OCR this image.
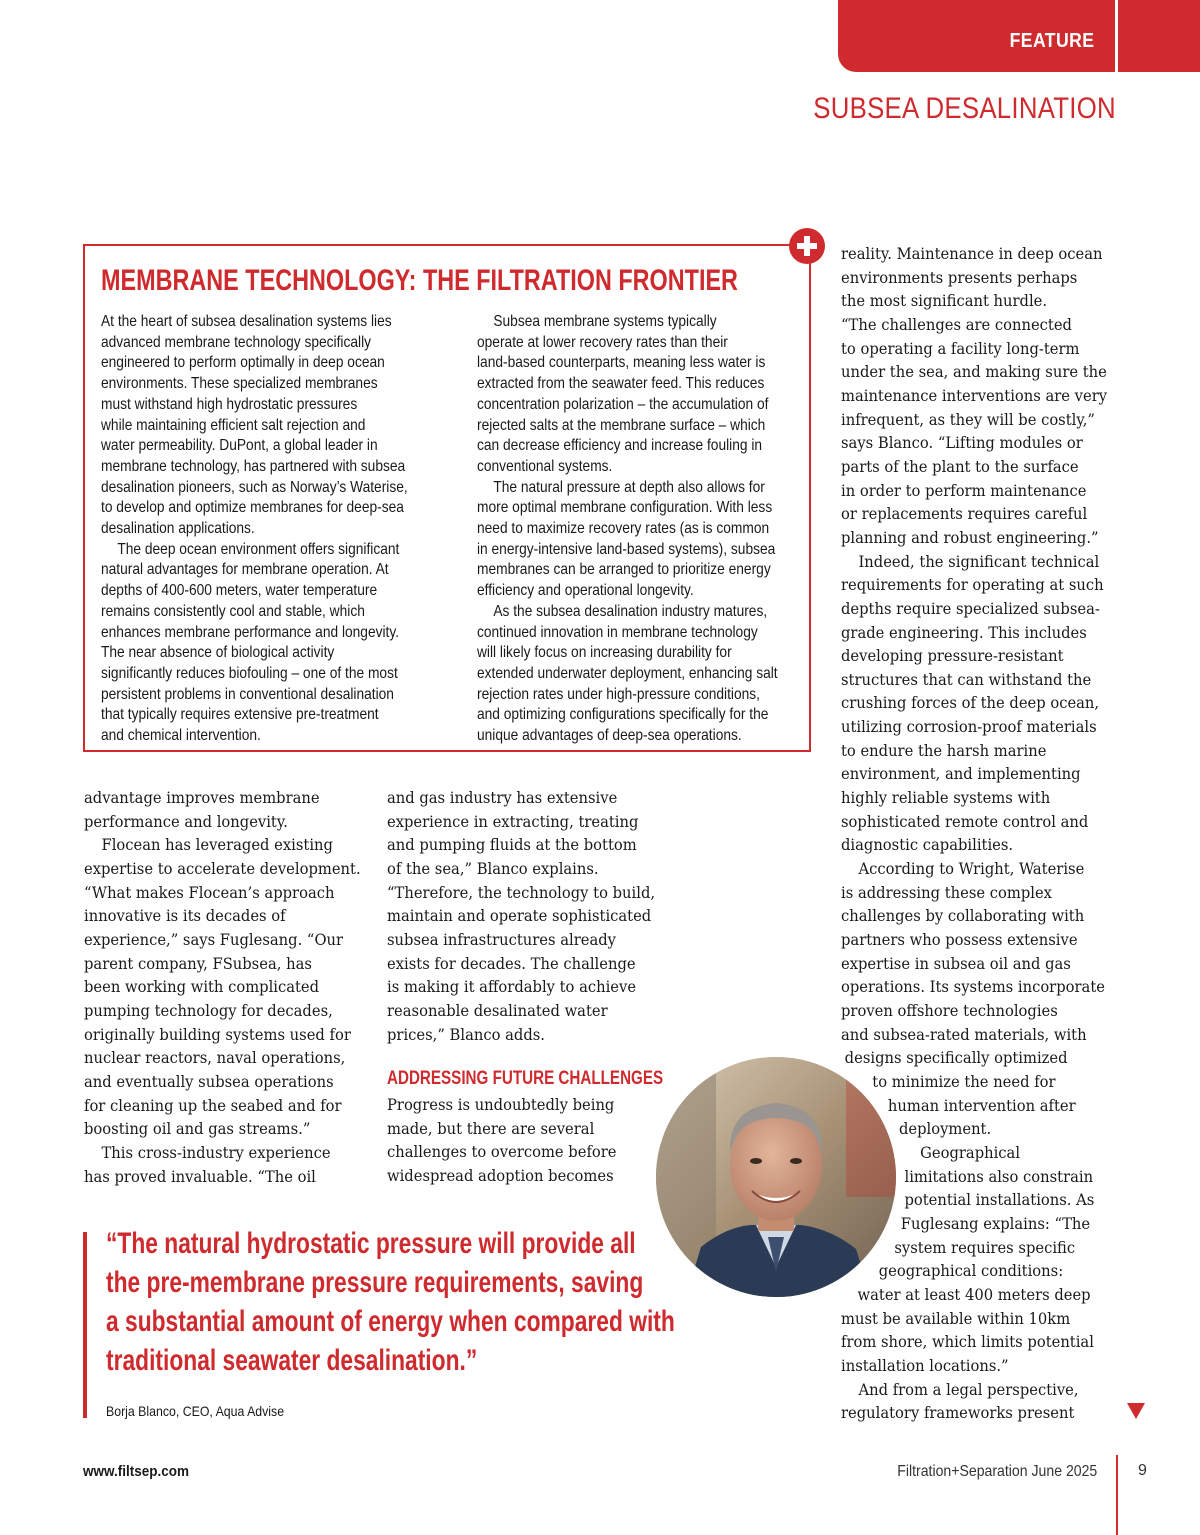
FEATURE
SUBSEA DESALINATION
MEMBRANE TECHNOLOGY: THE FILTRATION FRONTIER

At the heart of subsea desalination systems lies

advanced membrane technology specifically

engineered to perform optimally in deep ocean

environments. These specialized membranes

must withstand high hydrostatic pressures

while maintaining efficient salt rejection and

water permeability. DuPont, a global leader in

membrane technology, has partnered with subsea

desalination pioneers, such as Norway’s Waterise,

to develop and optimize membranes for deep-sea

desalination applications.

The deep ocean environment offers significant

natural advantages for membrane operation. At

depths of 400-600 meters, water temperature

remains consistently cool and stable, which

enhances membrane performance and longevity.

The near absence of biological activity

significantly reduces biofouling – one of the most

persistent problems in conventional desalination

that typically requires extensive pre-treatment

and chemical intervention.

Subsea membrane systems typically

operate at lower recovery rates than their

land-based counterparts, meaning less water is

extracted from the seawater feed. This reduces

concentration polarization – the accumulation of

rejected salts at the membrane surface – which

can decrease efficiency and increase fouling in

conventional systems.

The natural pressure at depth also allows for

more optimal membrane configuration. With less

need to maximize recovery rates (as is common

in energy-intensive land-based systems), subsea

membranes can be arranged to prioritize energy

efficiency and operational longevity.

As the subsea desalination industry matures,

continued innovation in membrane technology

will likely focus on increasing durability for

extended underwater deployment, enhancing salt

rejection rates under high-pressure conditions,

and optimizing configurations specifically for the

unique advantages of deep-sea operations.

advantage improves membrane
performance and longevity.
Flocean has leveraged existing
expertise to accelerate development.
“What makes Flocean’s approach
innovative is its decades of
experience,” says Fuglesang. “Our
parent company, FSubsea, has
been working with complicated
pumping technology for decades,
originally building systems used for
nuclear reactors, naval operations,
and eventually subsea operations
for cleaning up the seabed and for
boosting oil and gas streams.”
This cross-industry experience
has proved invaluable. “The oil
and gas industry has extensive
experience in extracting, treating
and pumping fluids at the bottom
of the sea,” Blanco explains.
“Therefore, the technology to build,
maintain and operate sophisticated
subsea infrastructures already
exists for decades. The challenge
is making it affordably to achieve
reasonable desalinated water
prices,” Blanco adds.
ADDRESSING FUTURE CHALLENGES
Progress is undoubtedly being
made, but there are several
challenges to overcome before
widespread adoption becomes
reality. Maintenance in deep ocean
environments presents perhaps
the most significant hurdle.
“The challenges are connected
to operating a facility long-term
under the sea, and making sure the
maintenance interventions are very
infrequent, as they will be costly,”
says Blanco. “Lifting modules or
parts of the plant to the surface
in order to perform maintenance
or replacements requires careful
planning and robust engineering.”
Indeed, the significant technical
requirements for operating at such
depths require specialized subsea-
grade engineering. This includes
developing pressure-resistant
structures that can withstand the
crushing forces of the deep ocean,
utilizing corrosion-proof materials
to endure the harsh marine
environment, and implementing
highly reliable systems with
sophisticated remote control and
diagnostic capabilities.
According to Wright, Waterise
is addressing these complex
challenges by collaborating with
partners who possess extensive
expertise in subsea oil and gas
operations. Its systems incorporate
proven offshore technologies
and subsea-rated materials, with
designs specifically optimized
to minimize the need for
human intervention after
deployment.
Geographical
limitations also constrain
potential installations. As
Fuglesang explains: “The
system requires specific
geographical conditions:
water at least 400 meters deep
must be available within 10km
from shore, which limits potential
installation locations.”
And from a legal perspective,
regulatory frameworks present
“The natural hydrostatic pressure will provide all
the pre-membrane pressure requirements, saving
a substantial amount of energy when compared with
traditional seawater desalination.”
Borja Blanco, CEO, Aqua Advise
www.filtsep.com	Filtration+Separation June 2025	9
